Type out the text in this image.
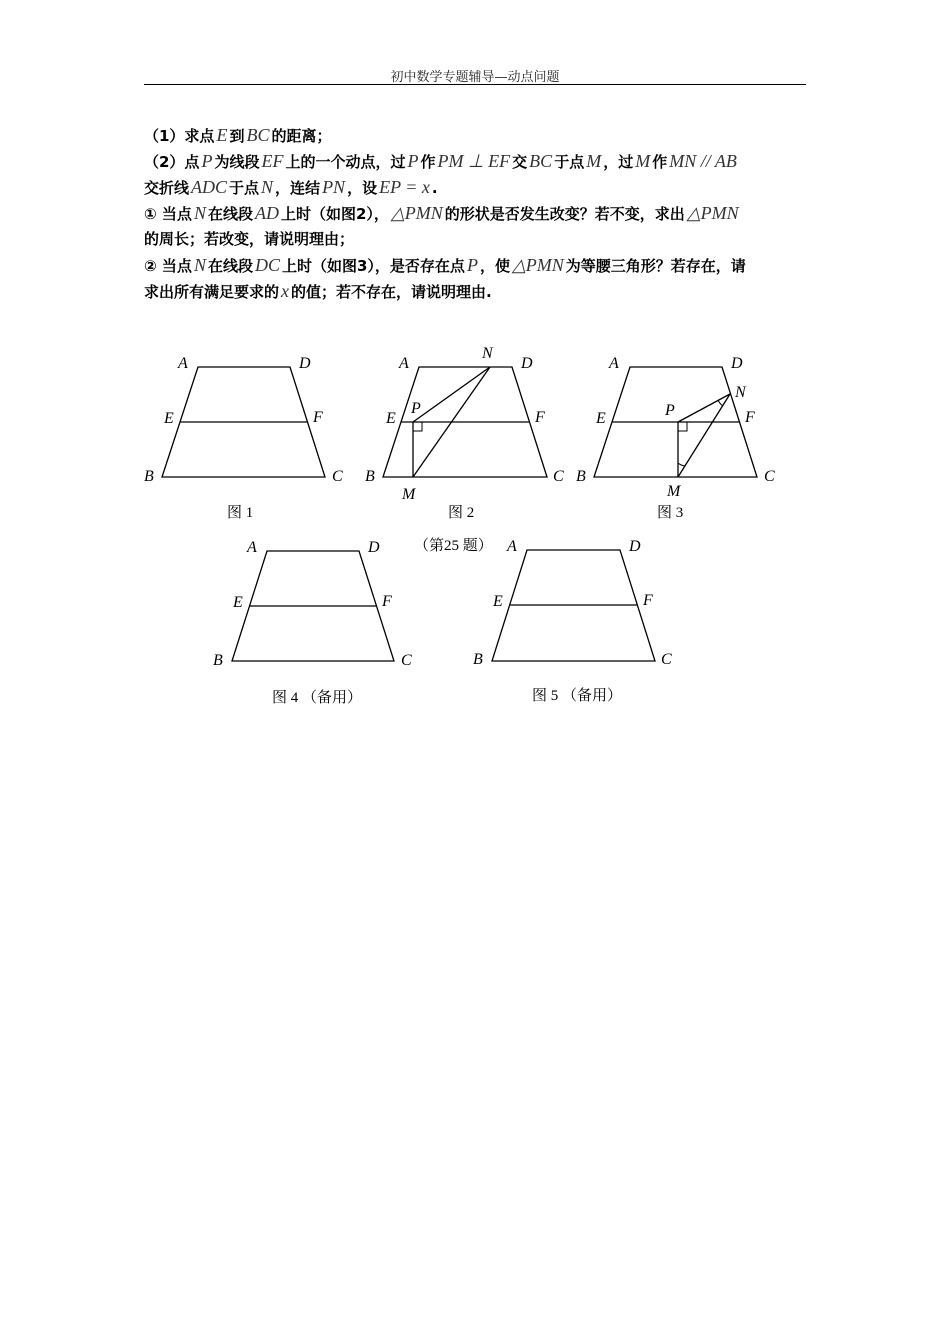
初中数学专题辅导—动点问题
（1）求点 E 到 BC 的距离；
（2）点 P 为线段 EF 上的一个动点，过 P 作 PM ⊥ EF 交 BC 于点 M ，过 M 作 MN // AB
交折线 ADC 于点 N ，连结 PN ，设 EP = x .
① 当点 N 在线段 AD 上时（如图2）， △PMN 的形状是否发生改变？若不变，求出 △PMN
的周长；若改变，请说明理由；
② 当点 N 在线段 DC 上时（如图3），是否存在点 P ，使 △PMN 为等腰三角形？若存在，请
求出所有满足要求的 x 的值；若不存在，请说明理由.
A	D
E	F
B	C
图 1
A
N
D
E
P
F
B	C
M
图 2
A	D
N
E	P	F
B	C
M
图 3
（第25 题）
A	D
E	F
B	C
图 4 （备用）
A	D
E	F
B	C
图 5 （备用）
